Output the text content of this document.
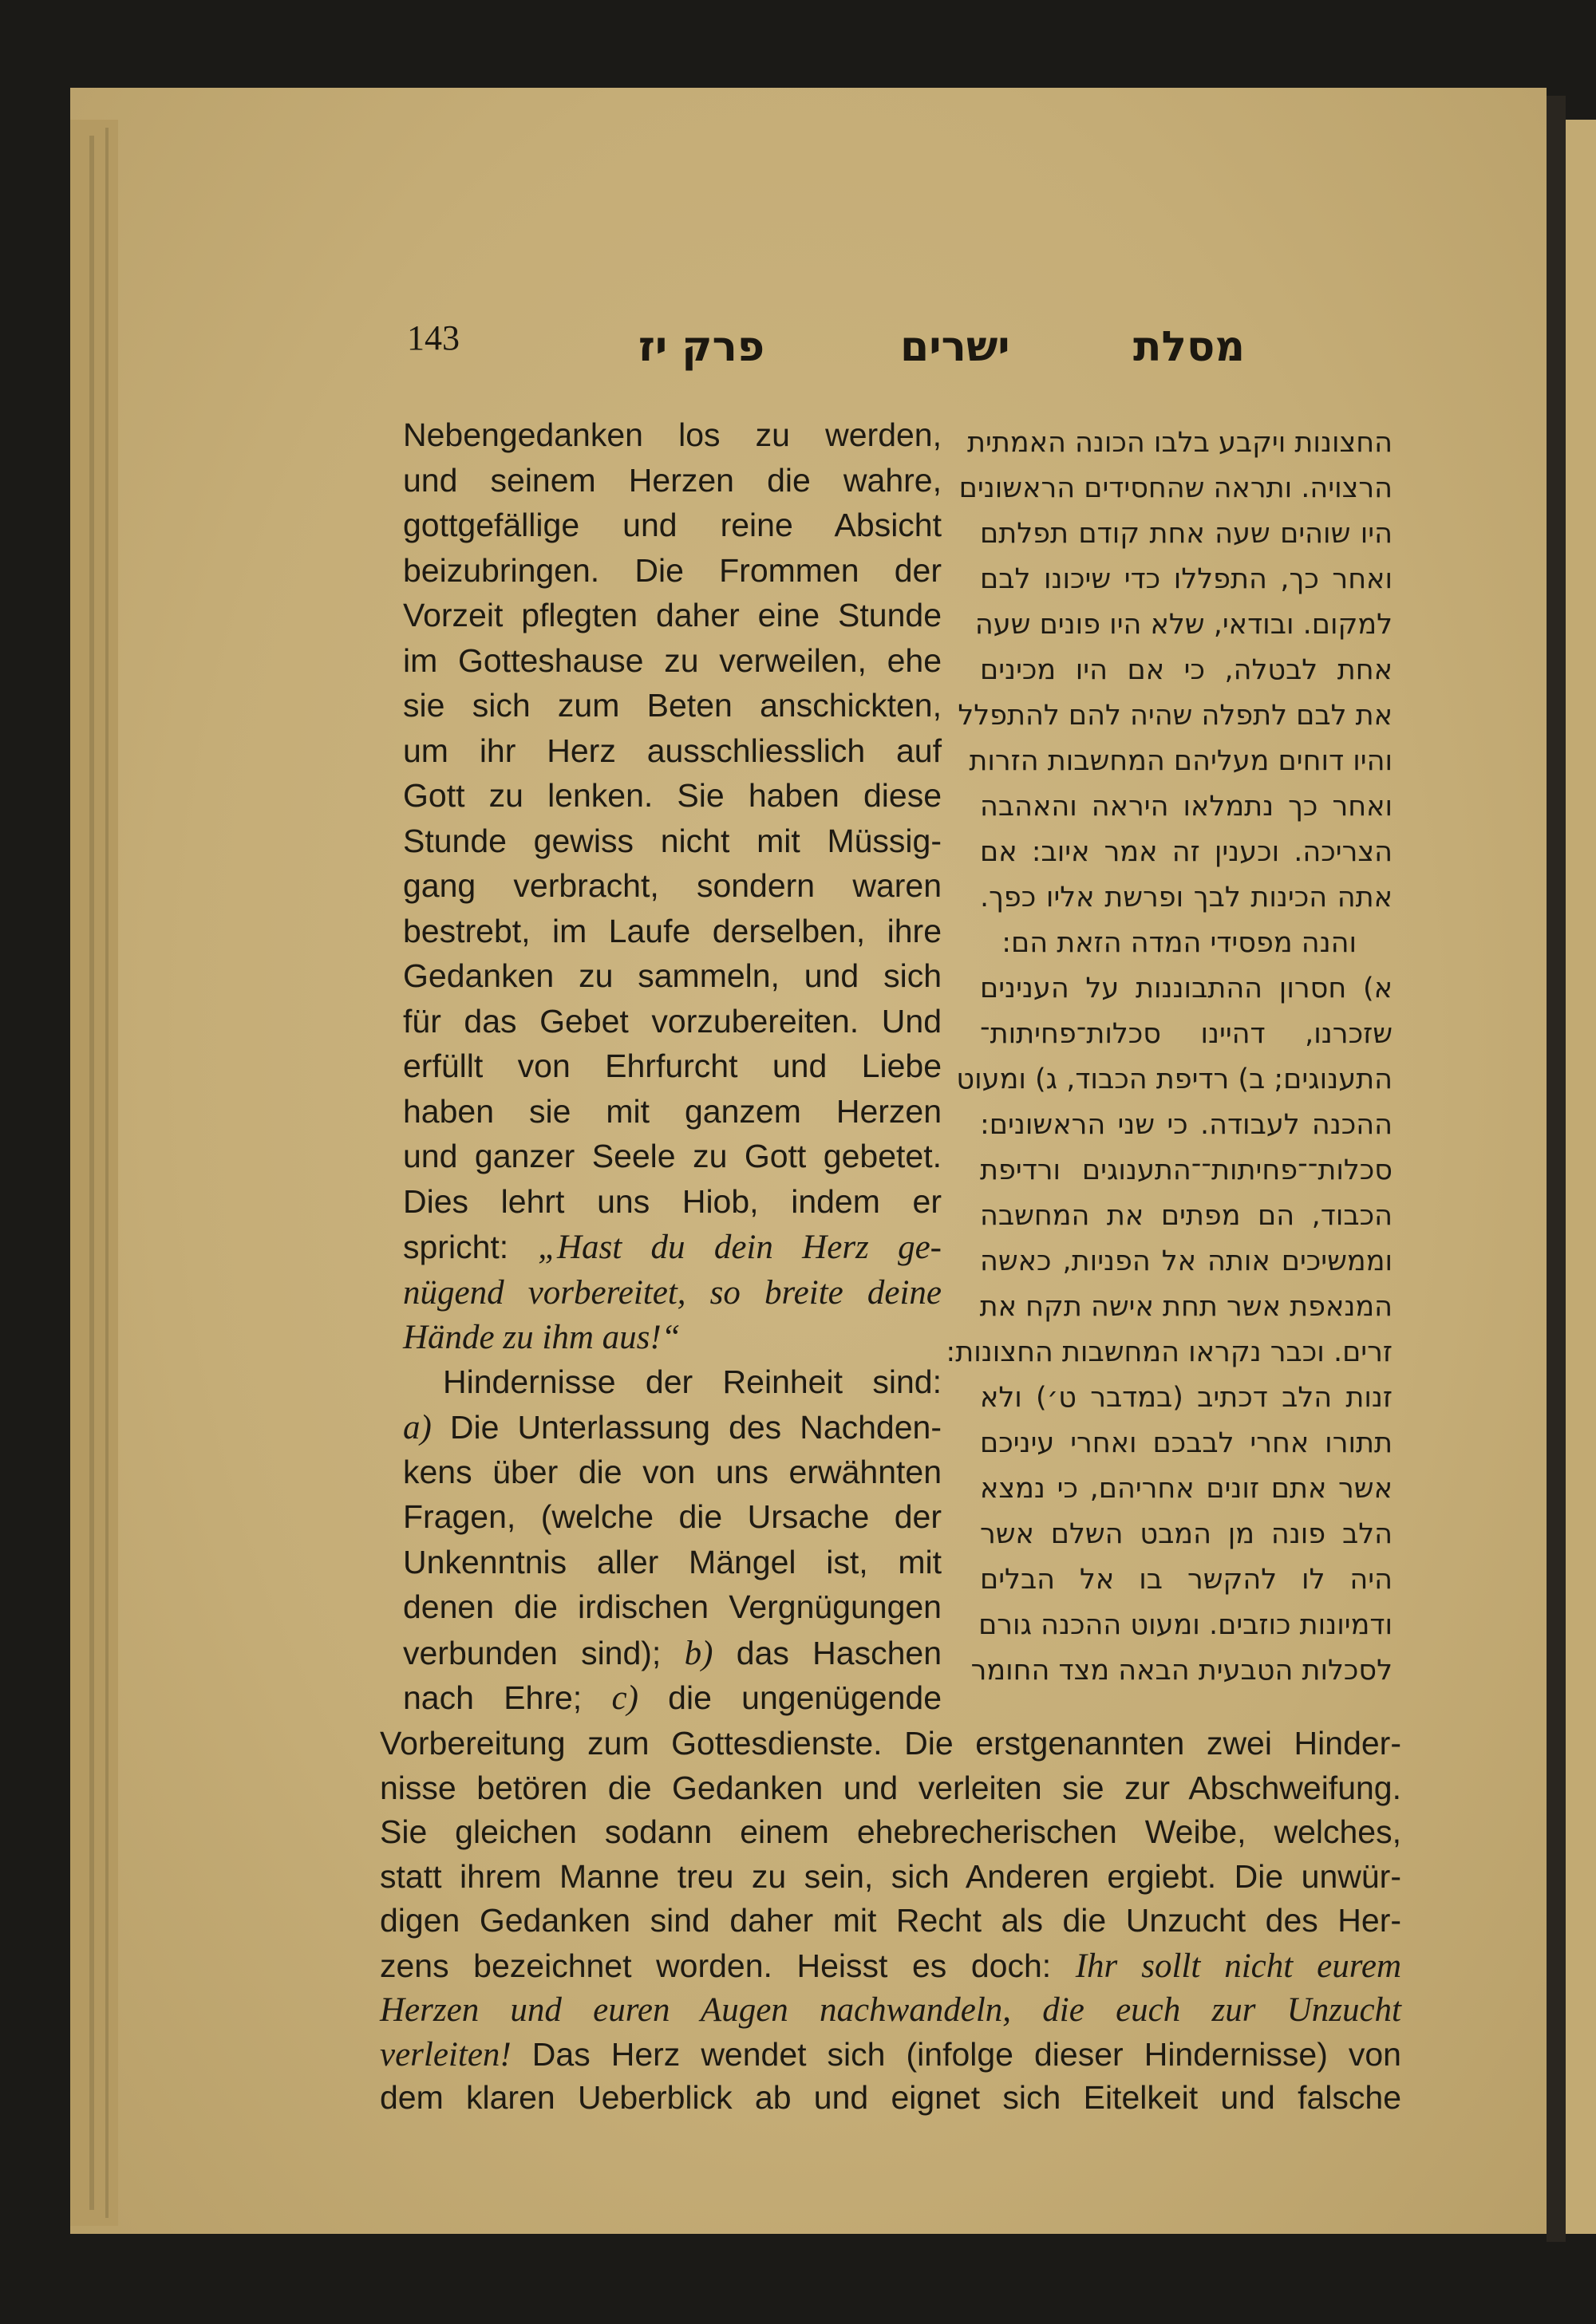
143	פרק יז	ישרים	מסלת
Nebengedanken los zu werden,
und seinem Herzen die wahre,
gottgefällige und reine Absicht
beizubringen. Die Frommen der
Vorzeit pflegten daher eine Stunde
im Gotteshause zu verweilen, ehe
sie sich zum Beten anschickten,
um ihr Herz ausschliesslich auf
Gott zu lenken. Sie haben diese
Stunde gewiss nicht mit Müssig-
gang verbracht, sondern waren
bestrebt, im Laufe derselben, ihre
Gedanken zu sammeln, und sich
für das Gebet vorzubereiten. Und
erfüllt von Ehrfurcht und Liebe
haben sie mit ganzem Herzen
und ganzer Seele zu Gott gebetet.
Dies lehrt uns Hiob, indem er
spricht: „Hast du dein Herz ge-
nügend vorbereitet, so breite deine
Hände zu ihm aus!“
Hindernisse der Reinheit sind:
a) Die Unterlassung des Nachden-
kens über die von uns erwähnten
Fragen, (welche die Ursache der
Unkenntnis aller Mängel ist, mit
denen die irdischen Vergnügungen
verbunden sind); b) das Haschen
nach Ehre; c) die ungenügende
Vorbereitung zum Gottesdienste. Die erstgenannten zwei Hinder-
nisse betören die Gedanken und verleiten sie zur Abschweifung.
Sie gleichen sodann einem ehebrecherischen Weibe, welches,
statt ihrem Manne treu zu sein, sich Anderen ergiebt. Die unwür-
digen Gedanken sind daher mit Recht als die Unzucht des Her-
zens bezeichnet worden. Heisst es doch: Ihr sollt nicht eurem
Herzen und euren Augen nachwandeln, die euch zur Unzucht
verleiten! Das Herz wendet sich (infolge dieser Hindernisse) von
dem klaren Ueberblick ab und eignet sich Eitelkeit und falsche
החצונות ויקבע בלבו הכונה האמתית
הרצויה. ותראה שהחסידים הראשונים
היו שוהים שעה אחת קודם תפלתם
ואחר כך, התפללו כדי שיכונו לבם
למקום. ובודאי, שלא היו פונים שעה
אחת לבטלה, כי אם היו מכינים
את לבם לתפלה שהיה להם להתפלל
והיו דוחים מעליהם המחשבות הזרות
ואחר כך נתמלאו היראה והאהבה
הצריכה. וכענין זה אמר איוב: אם
אתה הכינות לבך ופרשת אליו כפך.
והנה מפסידי המדה הזאת הם:
א) חסרון ההתבוננות על הענינים
שזכרנו, דהיינו סכלות־פחיתות־
התענוגים; ב) רדיפת הכבוד, ג) ומעוט
ההכנה לעבודה. כי שני הראשונים:
סכלות־־פחיתות־־התענוגים ורדיפת
הכבוד, הם מפתים את המחשבה
וממשיכים אותה אל הפניות, כאשה
המנאפת אשר תחת אישה תקח את
זרים. וכבר נקראו המחשבות החצונות:
זנות הלב דכתיב (במדבר ט׳) ולא
תתורו אחרי לבבכם ואחרי עיניכם
אשר אתם זונים אחריהם, כי נמצא
הלב פונה מן המבט השלם אשר
היה לו להקשר בו אל הבלים
ודמיונות כוזבים. ומעוט ההכנה גורם
לסכלות הטבעית הבאה מצד החומר
